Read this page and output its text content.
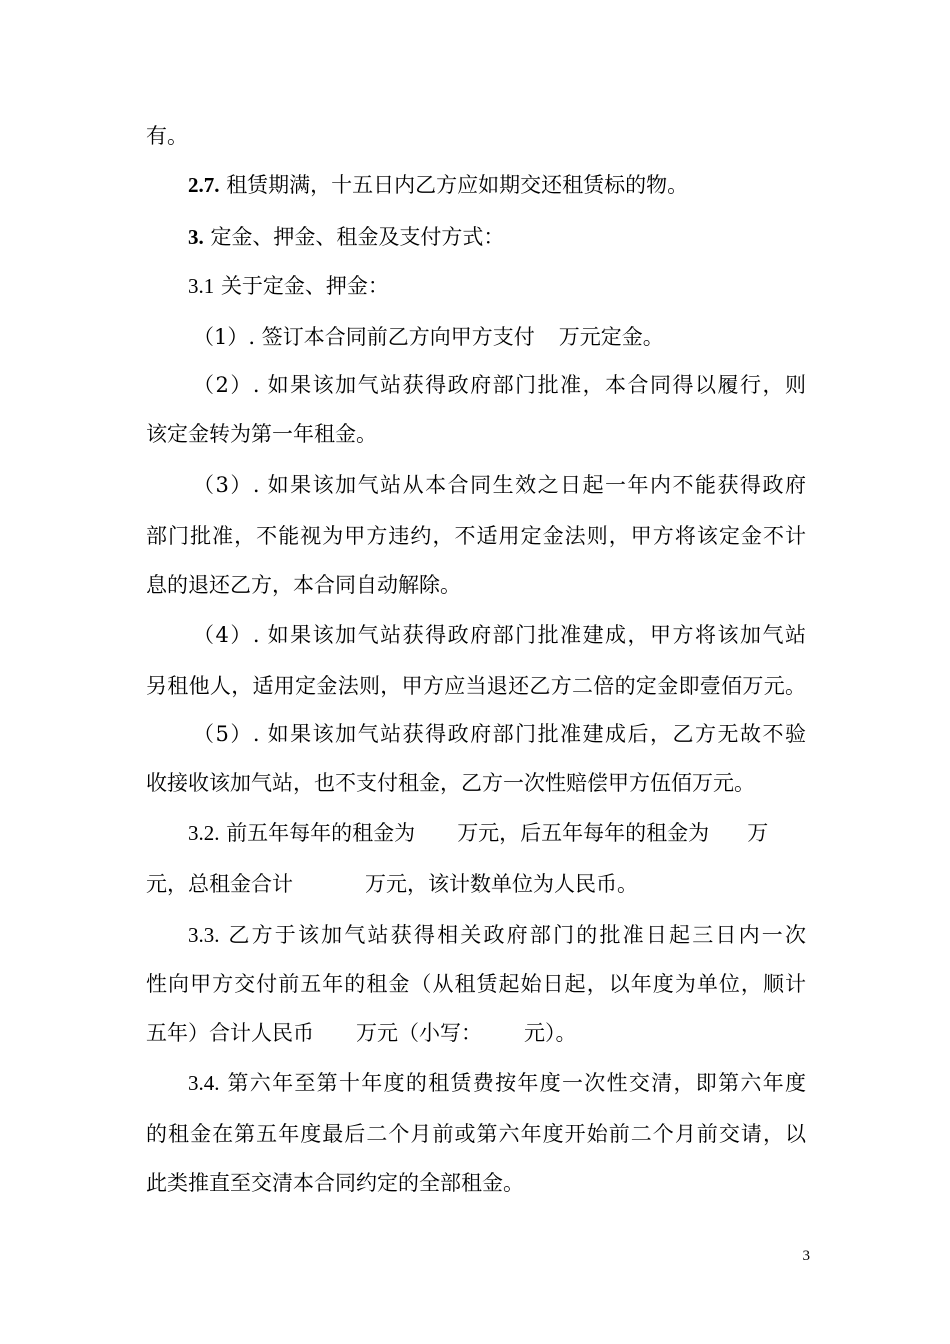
有。
2.7. 租赁期满，十五日内乙方应如期交还租赁标的物。
3. 定金、押金、租金及支付方式：
3.1 关于定金、押金：
（1）. 签订本合同前乙方向甲方支付 万元定金。
（2）. 如果该加气站获得政府部门批准，本合同得以履行，则
该定金转为第一年租金。
（3）. 如果该加气站从本合同生效之日起一年内不能获得政府
部门批准，不能视为甲方违约，不适用定金法则，甲方将该定金不计
息的退还乙方，本合同自动解除。
（4）. 如果该加气站获得政府部门批准建成，甲方将该加气站
另租他人，适用定金法则，甲方应当退还乙方二倍的定金即壹佰万元。
（5）. 如果该加气站获得政府部门批准建成后，乙方无故不验
收接收该加气站，也不支付租金，乙方一次性赔偿甲方伍佰万元。
3.2. 前五年每年的租金为 万元，后五年每年的租金为 万
元，总租金合计	万元，该计数单位为人民币。
3.3. 乙方于该加气站获得相关政府部门的批准日起三日内一次
性向甲方交付前五年的租金（从租赁起始日起，以年度为单位，顺计
五年）合计人民币 万元（小写： 元）。
3.4. 第六年至第十年度的租赁费按年度一次性交清，即第六年度
的租金在第五年度最后二个月前或第六年度开始前二个月前交请，以
此类推直至交清本合同约定的全部租金。
3
